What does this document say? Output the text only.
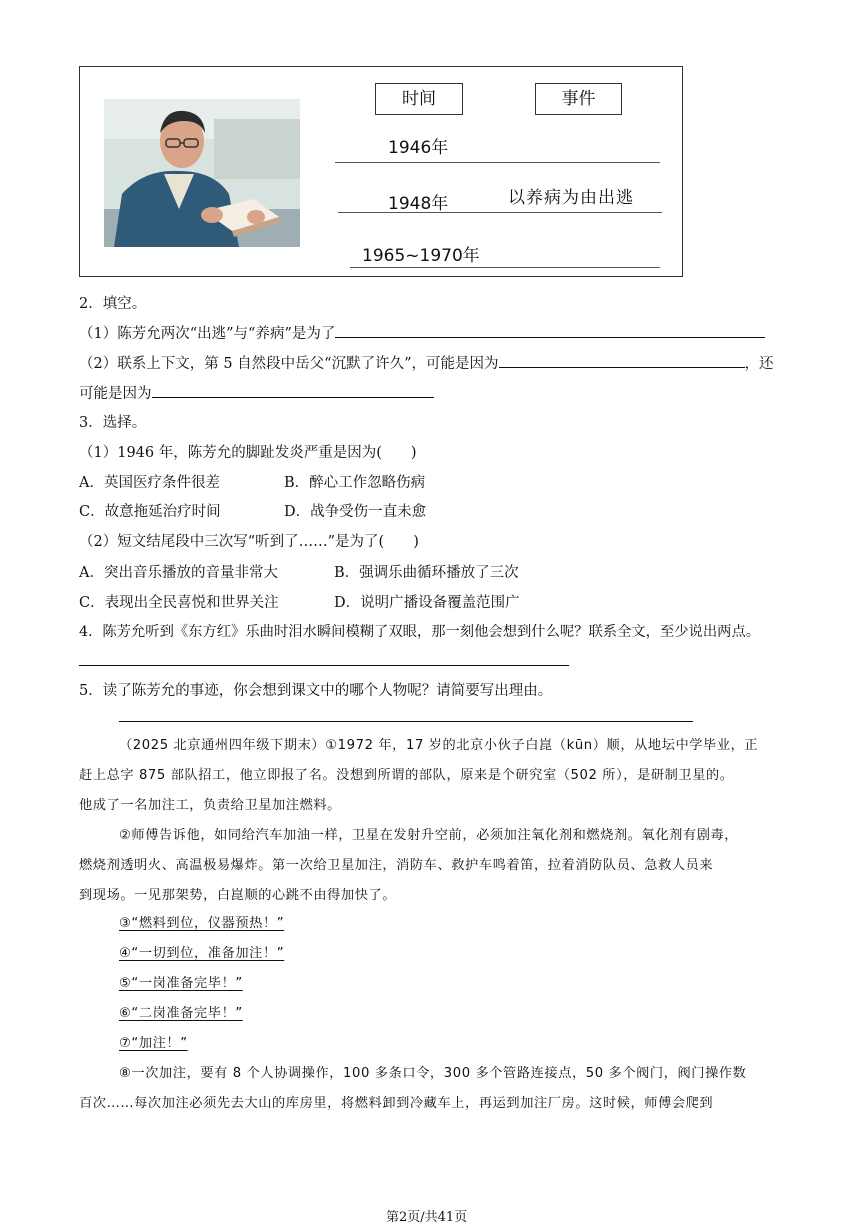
时间	事件
1946年
1948年	以养病为由出逃
1965~1970年
2．填空。
（1）陈芳允两次“出逃”与“养病”是为了
（2）联系上下文，第 5 自然段中岳父“沉默了许久”，可能是因为	，还
可能是因为
3．选择。
（1）1946 年，陈芳允的脚趾发炎严重是因为(　　)
A．英国医疗条件很差	B．醉心工作忽略伤病
C．故意拖延治疗时间	D．战争受伤一直未愈
（2）短文结尾段中三次写“听到了……”是为了(　　)
A．突出音乐播放的音量非常大	B．强调乐曲循环播放了三次
C．表现出全民喜悦和世界关注	D．说明广播设备覆盖范围广
4．陈芳允听到《东方红》乐曲时泪水瞬间模糊了双眼，那一刻他会想到什么呢？联系全文，至少说出两点。
5．读了陈芳允的事迹，你会想到课文中的哪个人物呢？请简要写出理由。
（2025 北京通州四年级下期末）①1972 年，17 岁的北京小伙子白崑（kūn）顺，从地坛中学毕业，正
赶上总字 875 部队招工，他立即报了名。没想到所谓的部队，原来是个研究室（502 所），是研制卫星的。
他成了一名加注工，负责给卫星加注燃料。
②师傅告诉他，如同给汽车加油一样，卫星在发射升空前，必须加注氧化剂和燃烧剂。氧化剂有剧毒，
燃烧剂透明火、高温极易爆炸。第一次给卫星加注，消防车、救护车鸣着笛，拉着消防队员、急救人员来
到现场。一见那架势，白崑顺的心跳不由得加快了。
③“燃料到位，仪器预热！”
④“一切到位，准备加注！”
⑤“一岗准备完毕！”
⑥“二岗准备完毕！”
⑦“加注！”
⑧一次加注，要有 8 个人协调操作，100 多条口令，300 多个管路连接点，50 多个阀门，阀门操作数
百次……每次加注必须先去大山的库房里，将燃料卸到冷藏车上，再运到加注厂房。这时候，师傅会爬到
第2页/共41页
